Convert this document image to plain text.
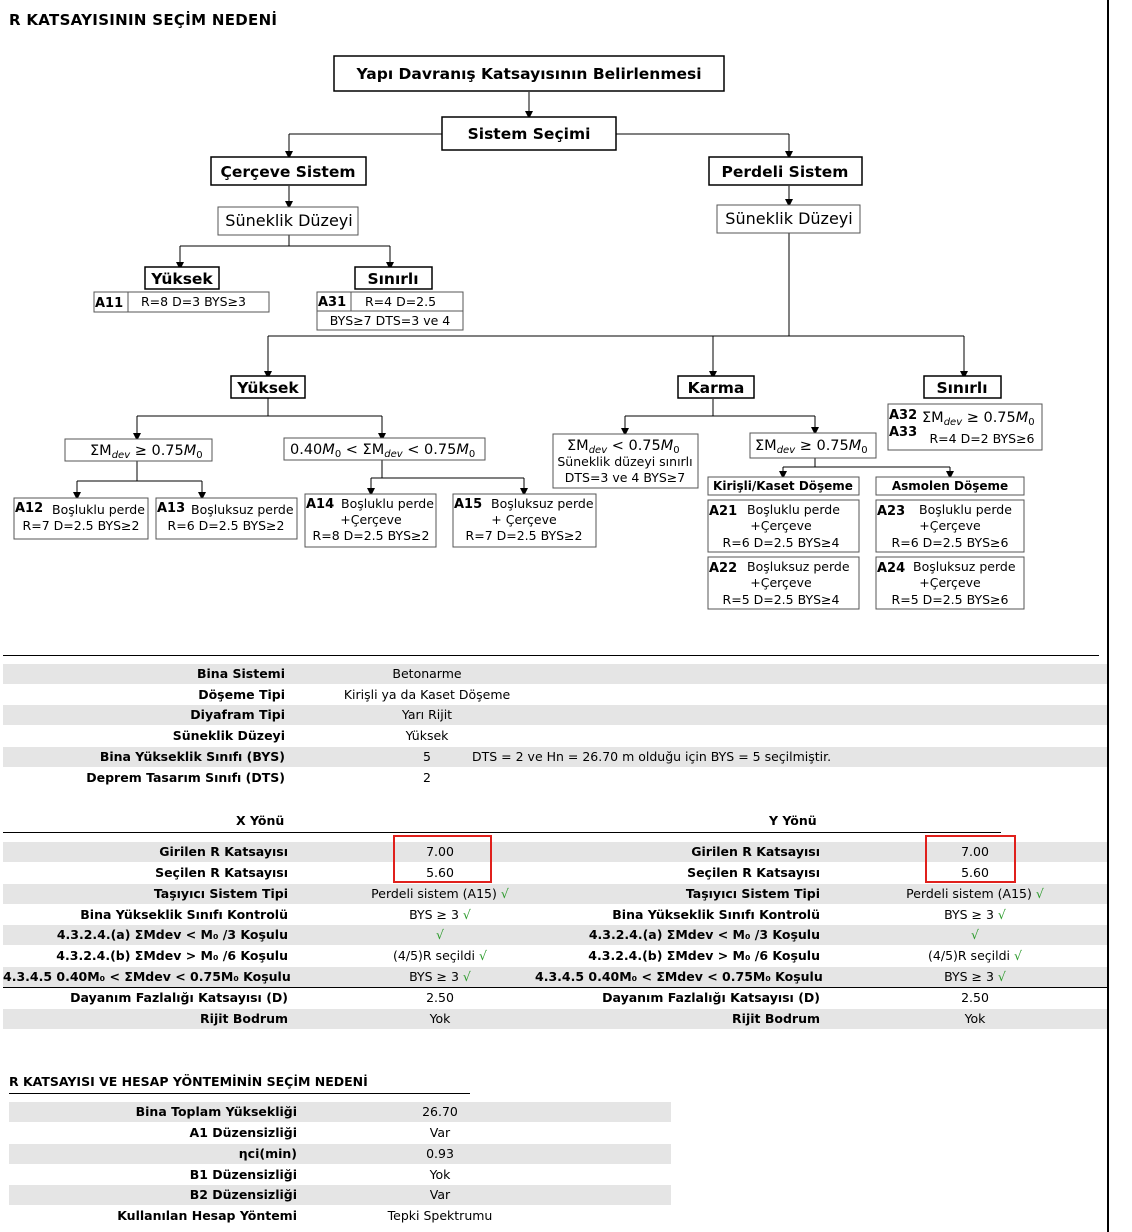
R KATSAYISININ SEÇİM NEDENİ
Yapı Davranış Katsayısının Belirlenmesi
Sistem Seçimi
Çerçeve Sistem	Perdeli Sistem
Yüksek	Sınırlı
Yüksek	Karma	Sınırlı
Kirişli/Kaset Döşeme	Asmolen Döşeme
Süneklik Düzeyi	Süneklik Düzeyi
A11	A31
A12	A13	A14	A15	A21
A22
A23
A24
A32
A33
R=8 D=3 BYS≥3	R=4 D=2.5
BYS≥7 DTS=3 ve 4
Boşluklu perde
R=7 D=2.5 BYS≥2
Boşluksuz perde
R=6 D=2.5 BYS≥2
Boşluklu perde
+Çerçeve
R=8 D=2.5 BYS≥2
Boşluksuz perde
+ Çerçeve
R=7 D=2.5 BYS≥2
Süneklik düzeyi sınırlı
DTS=3 ve 4 BYS≥7
Boşluklu perde
+Çerçeve
R=6 D=2.5 BYS≥4
Boşluksuz perde
+Çerçeve
R=5 D=2.5 BYS≥4
Boşluklu perde
+Çerçeve
R=6 D=2.5 BYS≥6
Boşluksuz perde
+Çerçeve
R=5 D=2.5 BYS≥6
R=4 D=2 BYS≥6
$\Sigma M_{dev} \ge 0.75M_0$	$0.40M_0 < \Sigma M_{dev} < 0.75M_0$
$\Sigma M_{dev} < 0.75M_0$	$\Sigma M_{dev} \ge 0.75M_0$
$\Sigma M_{dev} \ge 0.75M_0$
Bina Sistemi	Betonarme
Döşeme Tipi	Kirişli ya da Kaset Döşeme
Diyafram Tipi	Yarı Rijit
Süneklik Düzeyi	Yüksek
Bina Yükseklik Sınıfı (BYS)	5	DTS = 2 ve Hn = 26.70 m olduğu için BYS = 5 seçilmiştir.
Deprem Tasarım Sınıfı (DTS)	2
X Yönü	Y Yönü
Girilen R Katsayısı	7.00	Girilen R Katsayısı	7.00
Seçilen R Katsayısı	5.60	Seçilen R Katsayısı	5.60
Taşıyıcı Sistem Tipi	Perdeli sistem (A15) √	Taşıyıcı Sistem Tipi	Perdeli sistem (A15) √
Bina Yükseklik Sınıfı Kontrolü	BYS ≥ 3 √	Bina Yükseklik Sınıfı Kontrolü	BYS ≥ 3 √
4.3.2.4.(a) ΣMdev < M₀ /3 Koşulu	√	4.3.2.4.(a) ΣMdev < M₀ /3 Koşulu	√
4.3.2.4.(b) ΣMdev > M₀ /6 Koşulu	(4/5)R seçildi √	4.3.2.4.(b) ΣMdev > M₀ /6 Koşulu	(4/5)R seçildi √
4.3.4.5 0.40M₀ < ΣMdev < 0.75M₀ Koşulu	BYS ≥ 3 √	4.3.4.5 0.40M₀ < ΣMdev < 0.75M₀ Koşulu	BYS ≥ 3 √
Dayanım Fazlalığı Katsayısı (D)	2.50	Dayanım Fazlalığı Katsayısı (D)	2.50
Rijit Bodrum	Yok	Rijit Bodrum	Yok
R KATSAYISI VE HESAP YÖNTEMİNİN SEÇİM NEDENİ
Bina Toplam Yüksekliği	26.70
A1 Düzensizliği	Var
ηci(min)	0.93
B1 Düzensizliği	Yok
B2 Düzensizliği	Var
Kullanılan Hesap Yöntemi	Tepki Spektrumu
